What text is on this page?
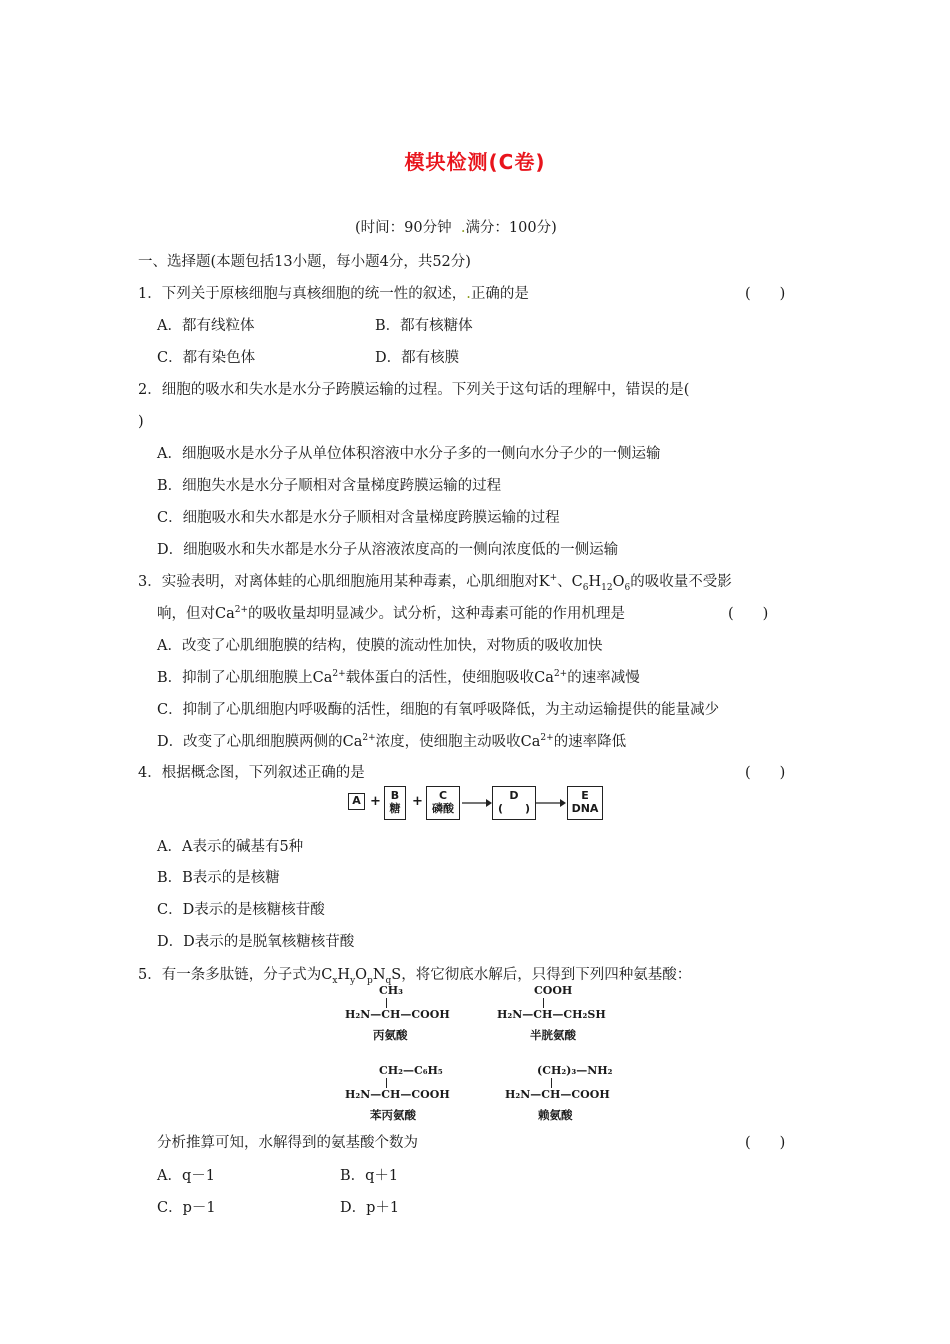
模块检测(C卷)
(时间：90分钟  .满分：100分)
一、选择题(本题包括13小题，每小题4分，共52分)
1．下列关于原核细胞与真核细胞的统一性的叙述，.正确的是	(　　)
A．都有线粒体	B．都有核糖体
C．都有染色体	D．都有核膜
2．细胞的吸水和失水是水分子跨膜运输的过程。下列关于这句话的理解中，错误的是(
)
A．细胞吸水是水分子从单位体积溶液中水分子多的一侧向水分子少的一侧运输
B．细胞失水是水分子顺相对含量梯度跨膜运输的过程
C．细胞吸水和失水都是水分子顺相对含量梯度跨膜运输的过程
D．细胞吸水和失水都是水分子从溶液浓度高的一侧向浓度低的一侧运输
3．实验表明，对离体蛙的心肌细胞施用某种毒素，心肌细胞对K+、$C_6H_{12}O_6$的吸收量不受影
响，但对$Ca^{2+}$的吸收量却明显减少。试分析，这种毒素可能的作用机理是	(　　)
A．改变了心肌细胞膜的结构，使膜的流动性加快，对物质的吸收加快
B．抑制了心肌细胞膜上$Ca^{2+}$载体蛋白的活性，使细胞吸收$Ca^{2+}$的速率减慢
C．抑制了心肌细胞内呼吸酶的活性，细胞的有氧呼吸降低，为主动运输提供的能量减少
D．改变了心肌细胞膜两侧的$Ca^{2+}$浓度，使细胞主动吸收$Ca^{2+}$的速率降低
4．根据概念图，下列叙述正确的是	(　　)
A + B
糖 +	C
磷酸
D
(　　)
E
DNA
A．A表示的碱基有5种
B．B表示的是核糖
C．D表示的是核糖核苷酸
D．D表示的是脱氧核糖核苷酸
5．有一条多肽链，分子式为$C_xH_yO_pN_qS$，将它彻底水解后，只得到下列四种氨基酸：
CH₃
H₂N—CH—COOH
丙氨酸
COOH
H₂N—CH—CH₂SH
半胱氨酸
CH₂—C₆H₅
H₂N—CH—COOH
苯丙氨酸
(CH₂)₃—NH₂
H₂N—CH—COOH
赖氨酸
分析推算可知，水解得到的氨基酸个数为	(　　)
A．q－1	B．q＋1
C．p－1	D．p＋1
